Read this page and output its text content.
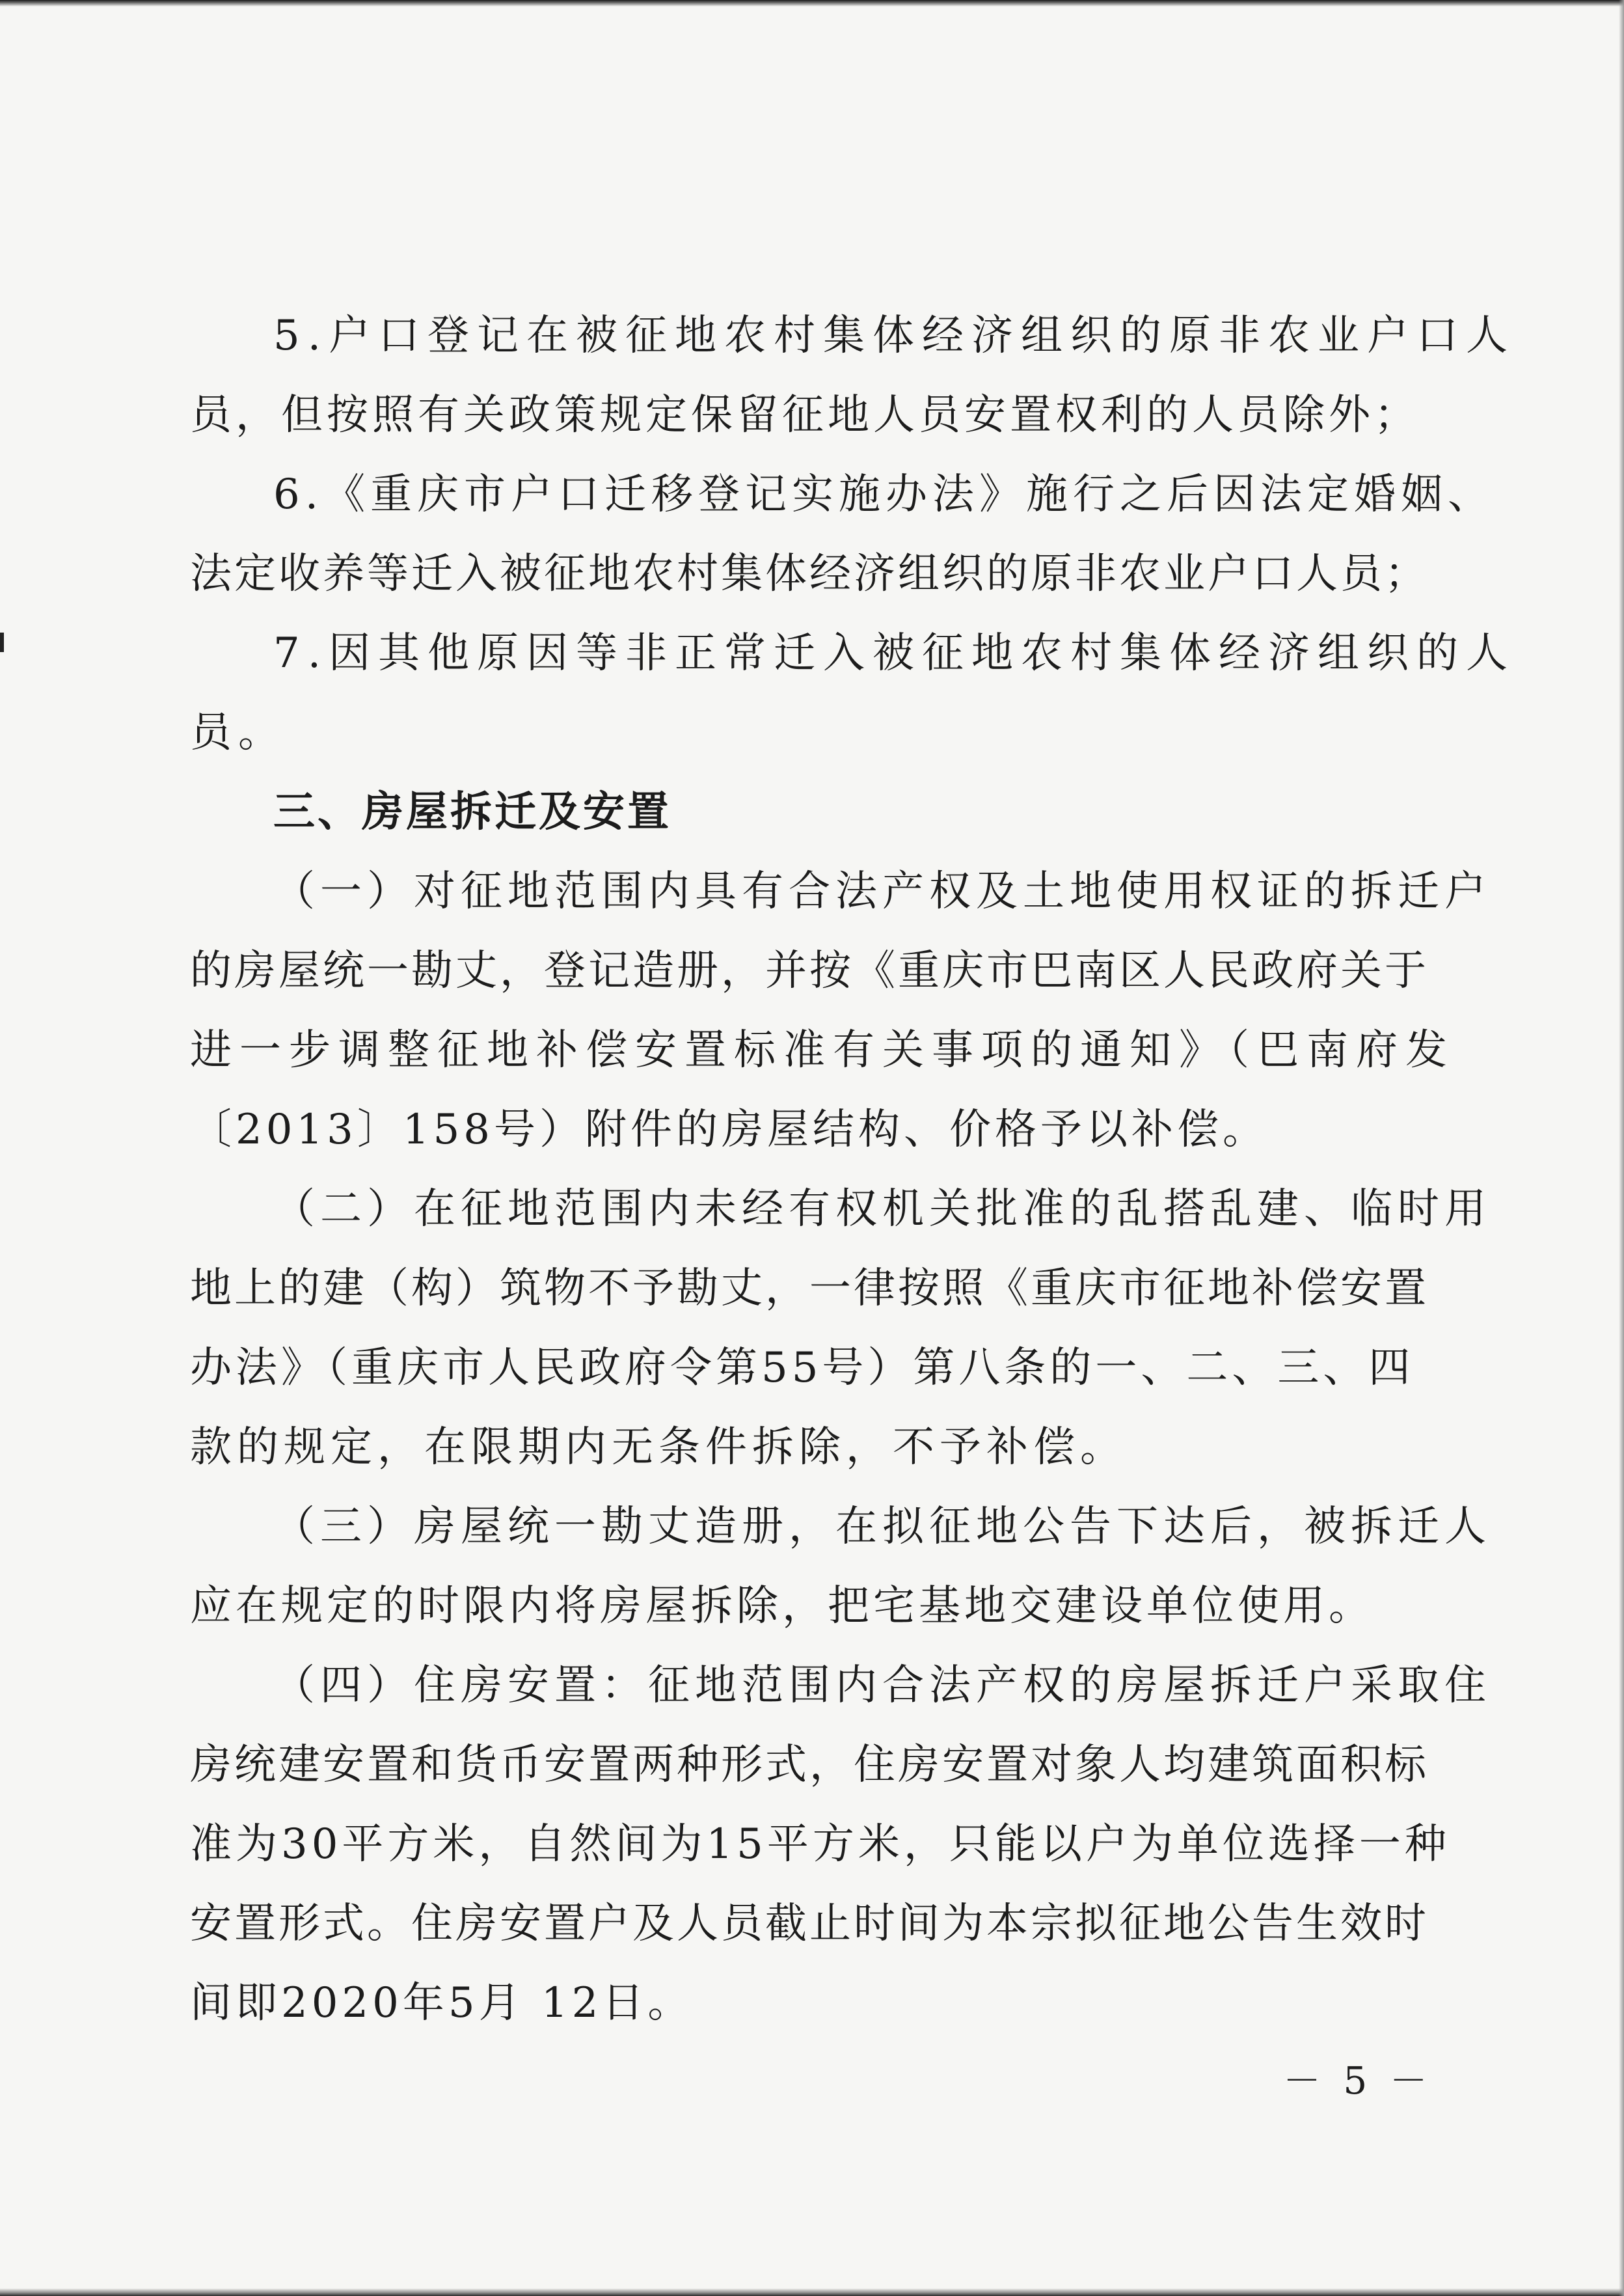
5.户口登记在被征地农村集体经济组织的原非农业户口人
员，但按照有关政策规定保留征地人员安置权利的人员除外；
6.《重庆市户口迁移登记实施办法》施行之后因法定婚姻、
法定收养等迁入被征地农村集体经济组织的原非农业户口人员；
7.因其他原因等非正常迁入被征地农村集体经济组织的人
员。
三、房屋拆迁及安置
（一）对征地范围内具有合法产权及土地使用权证的拆迁户
的房屋统一勘丈，登记造册，并按《重庆市巴南区人民政府关于
进一步调整征地补偿安置标准有关事项的通知》（巴南府发
〔2013〕158号）附件的房屋结构、价格予以补偿。
（二）在征地范围内未经有权机关批准的乱搭乱建、临时用
地上的建（构）筑物不予勘丈，一律按照《重庆市征地补偿安置
办法》（重庆市人民政府令第55号）第八条的一、二、三、四
款的规定，在限期内无条件拆除，不予补偿。
（三）房屋统一勘丈造册，在拟征地公告下达后，被拆迁人
应在规定的时限内将房屋拆除，把宅基地交建设单位使用。
（四）住房安置：征地范围内合法产权的房屋拆迁户采取住
房统建安置和货币安置两种形式，住房安置对象人均建筑面积标
准为30平方米，自然间为15平方米，只能以户为单位选择一种
安置形式。住房安置户及人员截止时间为本宗拟征地公告生效时
间即2020年5月 12日。
－ 5 －
